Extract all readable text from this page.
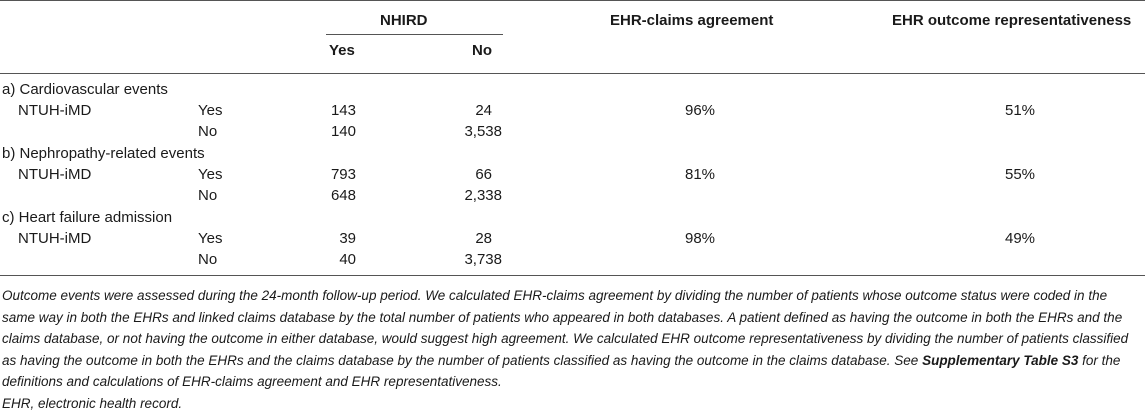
NHIRD
Yes	No
EHR-claims agreement	EHR outcome representativeness
a) Cardiovascular events
NTUH-iMD	Yes	143	24	96%	51%
No	140	3,538
b) Nephropathy-related events
NTUH-iMD	Yes	793	66	81%	55%
No	648	2,338
c) Heart failure admission
NTUH-iMD	Yes	39	28	98%	49%
No	40	3,738
Outcome events were assessed during the 24-month follow-up period. We calculated EHR-claims agreement by dividing the number of patients whose outcome status were coded in the same way in both the EHRs and linked claims database by the total number of patients who appeared in both databases. A patient defined as having the outcome in both the EHRs and the claims database, or not having the outcome in either database, would suggest high agreement. We calculated EHR outcome representativeness by dividing the number of patients classified as having the outcome in both the EHRs and the claims database by the number of patients classified as having the outcome in the claims database. See Supplementary Table S3 for the definitions and calculations of EHR-claims agreement and EHR representativeness.
EHR, electronic health record.
